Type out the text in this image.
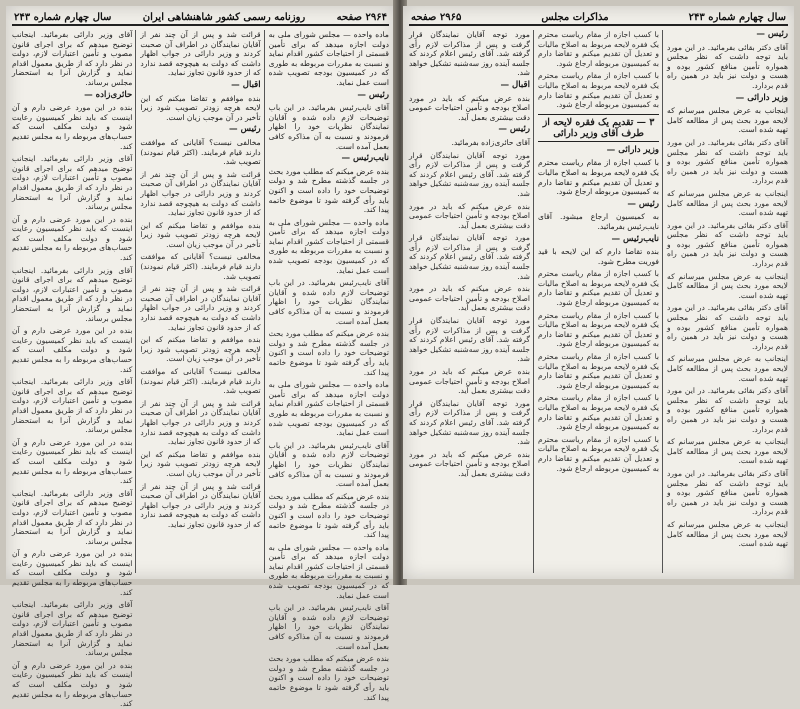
۲۹۶۴ صفحه
روزنامه رسمی کشور شاهنشاهی ایران
سال چهارم شماره ۲۴۳

ماده واحده — مجلس شورای ملی به دولت اجازه میدهد که برای تأمین قسمتی از احتیاجات کشور اقدام نماید و نسبت به مقررات مربوطه به طوری که در کمیسیون بودجه تصویب شده است عمل نماید.

رئیس —

آقای نایب‌رئیس بفرمائید. در این باب توضیحات لازم داده شده و آقایان نمایندگان نظریات خود را اظهار فرمودند و نسبت به آن مذاکره کافی بعمل آمده است.

نایب‌رئیس —

بنده عرض میکنم که مطلب مورد بحث در جلسه گذشته مطرح شد و دولت توضیحات خود را داده است و اکنون باید رأی گرفته شود تا موضوع خاتمه پیدا کند.

ماده واحده — مجلس شورای ملی به دولت اجازه میدهد که برای تأمین قسمتی از احتیاجات کشور اقدام نماید و نسبت به مقررات مربوطه به طوری که در کمیسیون بودجه تصویب شده است عمل نماید.

آقای نایب‌رئیس بفرمائید. در این باب توضیحات لازم داده شده و آقایان نمایندگان نظریات خود را اظهار فرمودند و نسبت به آن مذاکره کافی بعمل آمده است.

بنده عرض میکنم که مطلب مورد بحث در جلسه گذشته مطرح شد و دولت توضیحات خود را داده است و اکنون باید رأی گرفته شود تا موضوع خاتمه پیدا کند.

ماده واحده — مجلس شورای ملی به دولت اجازه میدهد که برای تأمین قسمتی از احتیاجات کشور اقدام نماید و نسبت به مقررات مربوطه به طوری که در کمیسیون بودجه تصویب شده است عمل نماید.

آقای نایب‌رئیس بفرمائید. در این باب توضیحات لازم داده شده و آقایان نمایندگان نظریات خود را اظهار فرمودند و نسبت به آن مذاکره کافی بعمل آمده است.

بنده عرض میکنم که مطلب مورد بحث در جلسه گذشته مطرح شد و دولت توضیحات خود را داده است و اکنون باید رأی گرفته شود تا موضوع خاتمه پیدا کند.

ماده واحده — مجلس شورای ملی به دولت اجازه میدهد که برای تأمین قسمتی از احتیاجات کشور اقدام نماید و نسبت به مقررات مربوطه به طوری که در کمیسیون بودجه تصویب شده است عمل نماید.

آقای نایب‌رئیس بفرمائید. در این باب توضیحات لازم داده شده و آقایان نمایندگان نظریات خود را اظهار فرمودند و نسبت به آن مذاکره کافی بعمل آمده است.

بنده عرض میکنم که مطلب مورد بحث در جلسه گذشته مطرح شد و دولت توضیحات خود را داده است و اکنون باید رأی گرفته شود تا موضوع خاتمه پیدا کند.

قرائت شد و پس از آن چند نفر از آقایان نمایندگان در اطراف آن صحبت کردند و وزیر دارائی در جواب اظهار داشت که دولت به هیچوجه قصد ندارد که از حدود قانون تجاوز نماید.

اقبال —

بنده موافقم و تقاضا میکنم که این لایحه هرچه زودتر تصویب شود زیرا تأخیر در آن موجب زیان است.

رئیس —

مخالفی نیست؟ آقایانی که موافقت دارند قیام فرمایند. (اکثر قیام نمودند) تصویب شد.

قرائت شد و پس از آن چند نفر از آقایان نمایندگان در اطراف آن صحبت کردند و وزیر دارائی در جواب اظهار داشت که دولت به هیچوجه قصد ندارد که از حدود قانون تجاوز نماید.

بنده موافقم و تقاضا میکنم که این لایحه هرچه زودتر تصویب شود زیرا تأخیر در آن موجب زیان است.

مخالفی نیست؟ آقایانی که موافقت دارند قیام فرمایند. (اکثر قیام نمودند) تصویب شد.

قرائت شد و پس از آن چند نفر از آقایان نمایندگان در اطراف آن صحبت کردند و وزیر دارائی در جواب اظهار داشت که دولت به هیچوجه قصد ندارد که از حدود قانون تجاوز نماید.

بنده موافقم و تقاضا میکنم که این لایحه هرچه زودتر تصویب شود زیرا تأخیر در آن موجب زیان است.

مخالفی نیست؟ آقایانی که موافقت دارند قیام فرمایند. (اکثر قیام نمودند) تصویب شد.

قرائت شد و پس از آن چند نفر از آقایان نمایندگان در اطراف آن صحبت کردند و وزیر دارائی در جواب اظهار داشت که دولت به هیچوجه قصد ندارد که از حدود قانون تجاوز نماید.

بنده موافقم و تقاضا میکنم که این لایحه هرچه زودتر تصویب شود زیرا تأخیر در آن موجب زیان است.

قرائت شد و پس از آن چند نفر از آقایان نمایندگان در اطراف آن صحبت کردند و وزیر دارائی در جواب اظهار داشت که دولت به هیچوجه قصد ندارد که از حدود قانون تجاوز نماید.

آقای وزیر دارائی بفرمائید. اینجانب توضیح میدهم که برای اجرای قانون مصوب و تأمین اعتبارات لازم، دولت در نظر دارد که از طریق معمول اقدام نماید و گزارش آنرا به استحضار مجلس برساند.

حائری‌زاده —

بنده در این مورد عرضی دارم و آن اینست که باید نظر کمیسیون رعایت شود و دولت مکلف است که حساب‌های مربوطه را به مجلس تقدیم کند.

آقای وزیر دارائی بفرمائید. اینجانب توضیح میدهم که برای اجرای قانون مصوب و تأمین اعتبارات لازم، دولت در نظر دارد که از طریق معمول اقدام نماید و گزارش آنرا به استحضار مجلس برساند.

بنده در این مورد عرضی دارم و آن اینست که باید نظر کمیسیون رعایت شود و دولت مکلف است که حساب‌های مربوطه را به مجلس تقدیم کند.

آقای وزیر دارائی بفرمائید. اینجانب توضیح میدهم که برای اجرای قانون مصوب و تأمین اعتبارات لازم، دولت در نظر دارد که از طریق معمول اقدام نماید و گزارش آنرا به استحضار مجلس برساند.

بنده در این مورد عرضی دارم و آن اینست که باید نظر کمیسیون رعایت شود و دولت مکلف است که حساب‌های مربوطه را به مجلس تقدیم کند.

آقای وزیر دارائی بفرمائید. اینجانب توضیح میدهم که برای اجرای قانون مصوب و تأمین اعتبارات لازم، دولت در نظر دارد که از طریق معمول اقدام نماید و گزارش آنرا به استحضار مجلس برساند.

بنده در این مورد عرضی دارم و آن اینست که باید نظر کمیسیون رعایت شود و دولت مکلف است که حساب‌های مربوطه را به مجلس تقدیم کند.

آقای وزیر دارائی بفرمائید. اینجانب توضیح میدهم که برای اجرای قانون مصوب و تأمین اعتبارات لازم، دولت در نظر دارد که از طریق معمول اقدام نماید و گزارش آنرا به استحضار مجلس برساند.

بنده در این مورد عرضی دارم و آن اینست که باید نظر کمیسیون رعایت شود و دولت مکلف است که حساب‌های مربوطه را به مجلس تقدیم کند.

آقای وزیر دارائی بفرمائید. اینجانب توضیح میدهم که برای اجرای قانون مصوب و تأمین اعتبارات لازم، دولت در نظر دارد که از طریق معمول اقدام نماید و گزارش آنرا به استحضار مجلس برساند.

بنده در این مورد عرضی دارم و آن اینست که باید نظر کمیسیون رعایت شود و دولت مکلف است که حساب‌های مربوطه را به مجلس تقدیم کند.

سال چهارم شماره ۲۴۳
مذاکرات مجلس
۲۹۶۵ صفحه

رئیس —

آقای دکتر بقائی بفرمائید. در این مورد باید توجه داشت که نظر مجلس همواره تأمین منافع کشور بوده و هست و دولت نیز باید در همین راه قدم بردارد.

وزیر دارائی —

اینجانب به عرض مجلس میرسانم که لایحه مورد بحث پس از مطالعه کامل تهیه شده است.

آقای دکتر بقائی بفرمائید. در این مورد باید توجه داشت که نظر مجلس همواره تأمین منافع کشور بوده و هست و دولت نیز باید در همین راه قدم بردارد.

اینجانب به عرض مجلس میرسانم که لایحه مورد بحث پس از مطالعه کامل تهیه شده است.

آقای دکتر بقائی بفرمائید. در این مورد باید توجه داشت که نظر مجلس همواره تأمین منافع کشور بوده و هست و دولت نیز باید در همین راه قدم بردارد.

اینجانب به عرض مجلس میرسانم که لایحه مورد بحث پس از مطالعه کامل تهیه شده است.

آقای دکتر بقائی بفرمائید. در این مورد باید توجه داشت که نظر مجلس همواره تأمین منافع کشور بوده و هست و دولت نیز باید در همین راه قدم بردارد.

اینجانب به عرض مجلس میرسانم که لایحه مورد بحث پس از مطالعه کامل تهیه شده است.

آقای دکتر بقائی بفرمائید. در این مورد باید توجه داشت که نظر مجلس همواره تأمین منافع کشور بوده و هست و دولت نیز باید در همین راه قدم بردارد.

اینجانب به عرض مجلس میرسانم که لایحه مورد بحث پس از مطالعه کامل تهیه شده است.

آقای دکتر بقائی بفرمائید. در این مورد باید توجه داشت که نظر مجلس همواره تأمین منافع کشور بوده و هست و دولت نیز باید در همین راه قدم بردارد.

اینجانب به عرض مجلس میرسانم که لایحه مورد بحث پس از مطالعه کامل تهیه شده است.

با کسب اجازه از مقام ریاست محترم یک فقره لایحه مربوط به اصلاح مالیات و تعدیل آن تقدیم میکنم و تقاضا دارم به کمیسیون مربوطه ارجاع شود.

با کسب اجازه از مقام ریاست محترم یک فقره لایحه مربوط به اصلاح مالیات و تعدیل آن تقدیم میکنم و تقاضا دارم به کمیسیون مربوطه ارجاع شود.

۳ — تقدیم یک فقره لایحه از طرف آقای وزیر دارائی

وزیر دارائی —

با کسب اجازه از مقام ریاست محترم یک فقره لایحه مربوط به اصلاح مالیات و تعدیل آن تقدیم میکنم و تقاضا دارم به کمیسیون مربوطه ارجاع شود.

رئیس —

به کمیسیون ارجاع میشود. آقای نایب‌رئیس بفرمائید.

نایب‌رئیس —

بنده تقاضا دارم که این لایحه با قید فوریت مطرح شود.

با کسب اجازه از مقام ریاست محترم یک فقره لایحه مربوط به اصلاح مالیات و تعدیل آن تقدیم میکنم و تقاضا دارم به کمیسیون مربوطه ارجاع شود.

با کسب اجازه از مقام ریاست محترم یک فقره لایحه مربوط به اصلاح مالیات و تعدیل آن تقدیم میکنم و تقاضا دارم به کمیسیون مربوطه ارجاع شود.

با کسب اجازه از مقام ریاست محترم یک فقره لایحه مربوط به اصلاح مالیات و تعدیل آن تقدیم میکنم و تقاضا دارم به کمیسیون مربوطه ارجاع شود.

با کسب اجازه از مقام ریاست محترم یک فقره لایحه مربوط به اصلاح مالیات و تعدیل آن تقدیم میکنم و تقاضا دارم به کمیسیون مربوطه ارجاع شود.

با کسب اجازه از مقام ریاست محترم یک فقره لایحه مربوط به اصلاح مالیات و تعدیل آن تقدیم میکنم و تقاضا دارم به کمیسیون مربوطه ارجاع شود.

مورد توجه آقایان نمایندگان قرار گرفت و پس از مذاکرات لازم رأی گرفته شد. آقای رئیس اعلام کردند که جلسه آینده روز سه‌شنبه تشکیل خواهد شد.

اقبال —

بنده عرض میکنم که باید در مورد اصلاح بودجه و تأمین احتیاجات عمومی دقت بیشتری بعمل آید.

رئیس —

آقای حائری‌زاده بفرمائید.

مورد توجه آقایان نمایندگان قرار گرفت و پس از مذاکرات لازم رأی گرفته شد. آقای رئیس اعلام کردند که جلسه آینده روز سه‌شنبه تشکیل خواهد شد.

بنده عرض میکنم که باید در مورد اصلاح بودجه و تأمین احتیاجات عمومی دقت بیشتری بعمل آید.

مورد توجه آقایان نمایندگان قرار گرفت و پس از مذاکرات لازم رأی گرفته شد. آقای رئیس اعلام کردند که جلسه آینده روز سه‌شنبه تشکیل خواهد شد.

بنده عرض میکنم که باید در مورد اصلاح بودجه و تأمین احتیاجات عمومی دقت بیشتری بعمل آید.

مورد توجه آقایان نمایندگان قرار گرفت و پس از مذاکرات لازم رأی گرفته شد. آقای رئیس اعلام کردند که جلسه آینده روز سه‌شنبه تشکیل خواهد شد.

بنده عرض میکنم که باید در مورد اصلاح بودجه و تأمین احتیاجات عمومی دقت بیشتری بعمل آید.

مورد توجه آقایان نمایندگان قرار گرفت و پس از مذاکرات لازم رأی گرفته شد. آقای رئیس اعلام کردند که جلسه آینده روز سه‌شنبه تشکیل خواهد شد.

بنده عرض میکنم که باید در مورد اصلاح بودجه و تأمین احتیاجات عمومی دقت بیشتری بعمل آید.
